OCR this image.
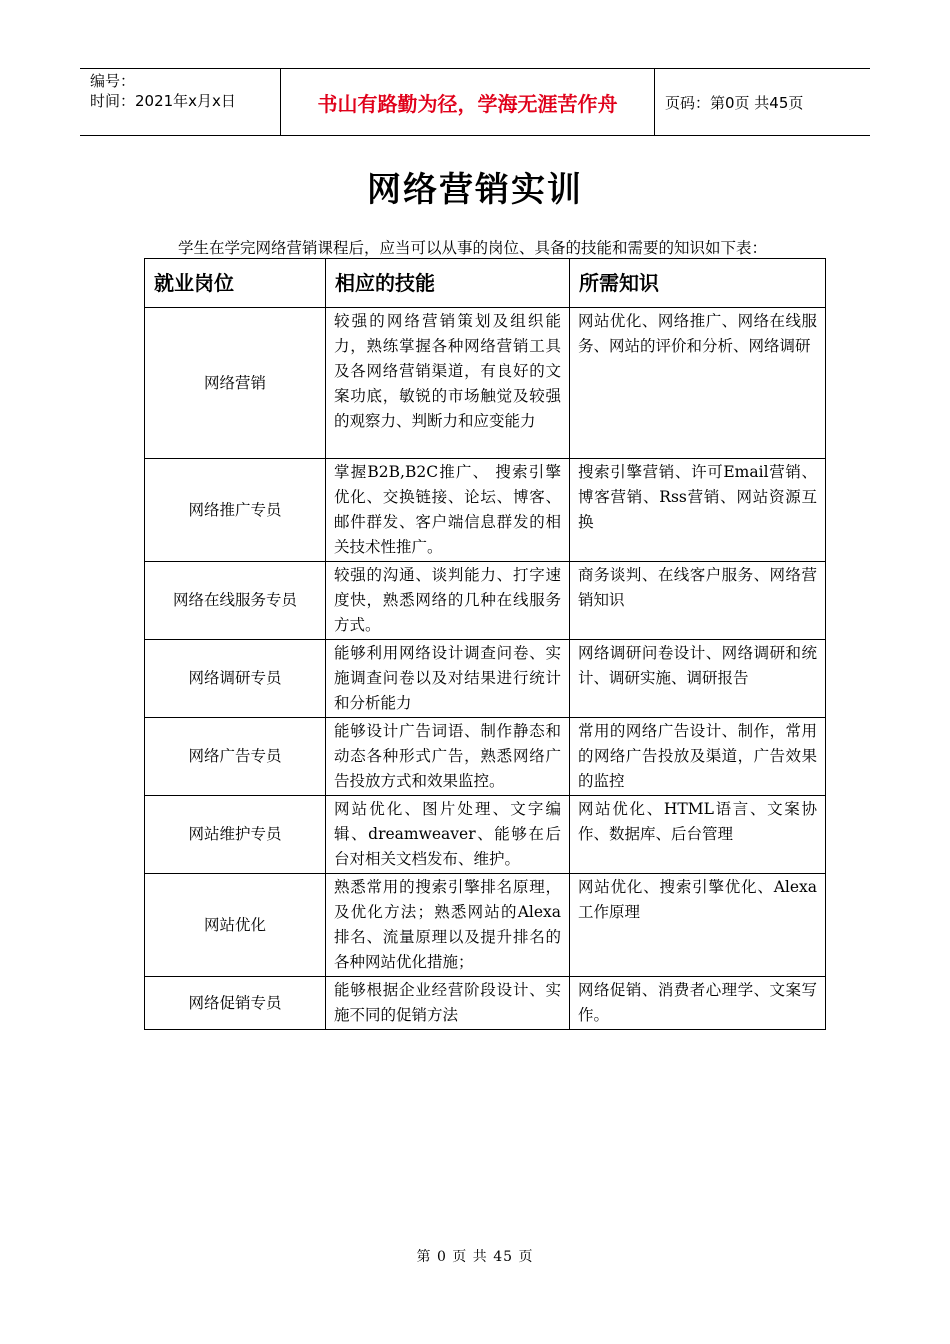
编号：
时间：2021年x月x日	书山有路勤为径，学海无涯苦作舟	页码：第0页 共45页
网络营销实训
学生在学完网络营销课程后，应当可以从事的岗位、具备的技能和需要的知识如下表：
就业岗位	相应的技能	所需知识
网络营销	较强的网络营销策划及组织能力，熟练掌握各种网络营销工具及各网络营销渠道，有良好的文案功底，敏锐的市场触觉及较强的观察力、判断力和应变能力	网站优化、网络推广、网络在线服务、网站的评价和分析、网络调研
网络推广专员	掌握B2B,B2C推广、 搜索引擎优化、交换链接、论坛、博客、邮件群发、客户端信息群发的相关技术性推广。	搜索引擎营销、许可Email营销、博客营销、Rss营销、网站资源互换
网络在线服务专员	较强的沟通、谈判能力、打字速度快，熟悉网络的几种在线服务方式。	商务谈判、在线客户服务、网络营销知识
网络调研专员	能够利用网络设计调查问卷、实施调查问卷以及对结果进行统计和分析能力	网络调研问卷设计、网络调研和统计、调研实施、调研报告
网络广告专员	能够设计广告词语、制作静态和动态各种形式广告，熟悉网络广告投放方式和效果监控。	常用的网络广告设计、制作，常用的网络广告投放及渠道，广告效果的监控
网站维护专员	网站优化、图片处理、文字编辑、dreamweaver、能够在后台对相关文档发布、维护。	网站优化、HTML语言、文案协作、数据库、后台管理
网站优化	熟悉常用的搜索引擎排名原理，及优化方法；熟悉网站的Alexa排名、流量原理以及提升排名的各种网站优化措施；	网站优化、搜索引擎优化、Alexa工作原理
网络促销专员	能够根据企业经营阶段设计、实施不同的促销方法	网络促销、消费者心理学、文案写作。
第 0 页 共 45 页
